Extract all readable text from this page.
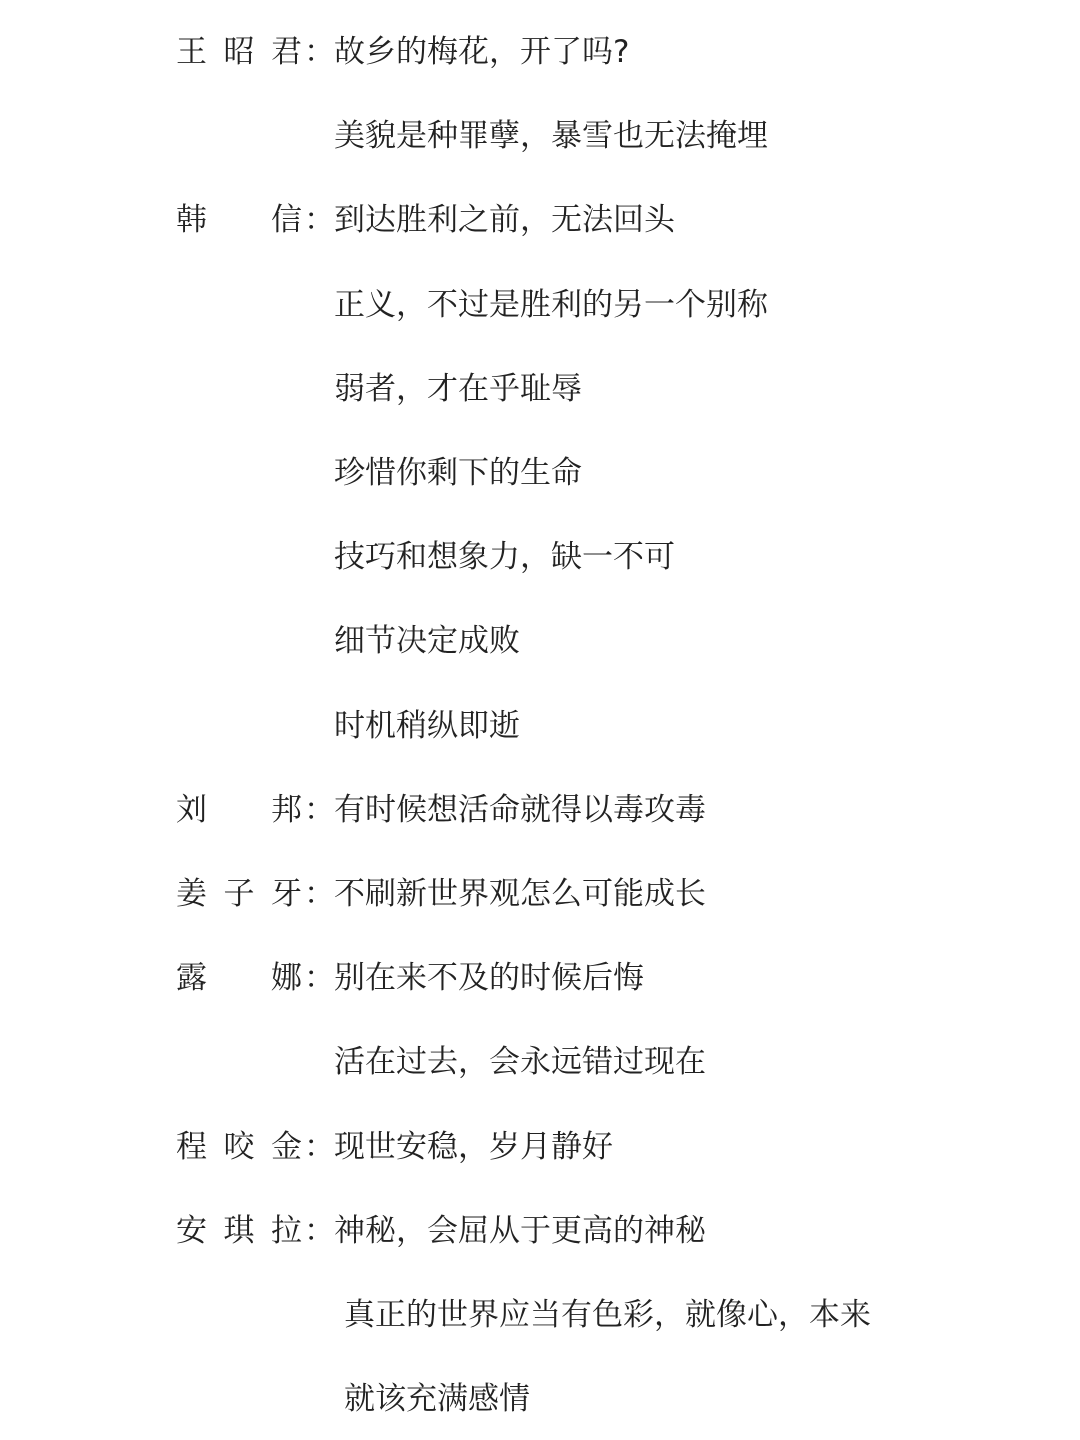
王 昭 君 ： 故乡的梅花，开了吗?
美貌是种罪孽，暴雪也无法掩埋
韩 信 ： 到达胜利之前，无法回头
正义，不过是胜利的另一个别称
弱者，才在乎耻辱
珍惜你剩下的生命
技巧和想象力，缺一不可
细节决定成败
时机稍纵即逝
刘 邦 ： 有时候想活命就得以毒攻毒
姜 子 牙 ： 不刷新世界观怎么可能成长
露 娜 ： 别在来不及的时候后悔
活在过去，会永远错过现在
程 咬 金 ： 现世安稳，岁月静好
安 琪 拉 ： 神秘，会屈从于更高的神秘
真正的世界应当有色彩，就像心，本来
就该充满感情
